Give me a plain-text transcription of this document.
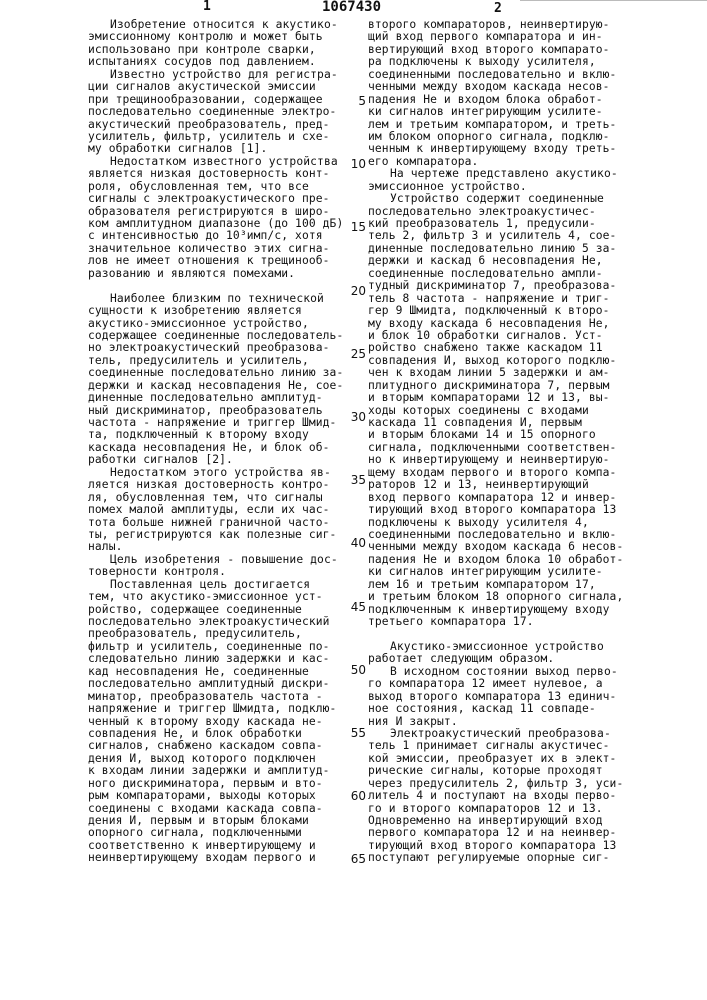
1	1067430	2
Изобретение относится к акустико-
эмиссионному контролю и может быть
использовано при контроле сварки,
испытаниях сосудов под давлением.
Известно устройство для регистра-
ции сигналов акустической эмиссии
при трещинообразовании, содержащее
последовательно соединенные электро-
акустический преобразователь, пред-
усилитель, фильтр, усилитель и схе-
му обработки сигналов [1].
Недостатком известного устройства
является низкая достоверность конт-
роля, обусловленная тем, что все
сигналы с электроакустического пре-
образователя регистрируются в широ-
ком амплитудном диапазоне (до 100 дБ)
с интенсивностью до 10³имп/с, хотя
значительное количество этих сигна-
лов не имеет отношения к трещинооб-
разованию и являются помехами.
Наиболее близким по технической
сущности к изобретению является
акустико-эмиссионное устройство,
содержащее соединенные последователь-
но электроакустический преобразова-
тель, предусилитель и усилитель,
соединенные последовательно линию за-
держки и каскад несовпадения Не, сое-
диненные последовательно амплитуд-
ный дискриминатор, преобразователь
частота - напряжение и триггер Шмид-
та, подключенный к второму входу
каскада несовпадения Не, и блок об-
работки сигналов [2].
Недостатком этого устройства яв-
ляется низкая достоверность контро-
ля, обусловленная тем, что сигналы
помех малой амплитуды, если их час-
тота больше нижней граничной часто-
ты, регистрируются как полезные сиг-
налы.
Цель изобретения - повышение дос-
товерности контроля.
Поставленная цель достигается
тем, что акустико-эмиссионное уст-
ройство, содержащее соединенные
последовательно электроакустический
преобразователь, предусилитель,
фильтр и усилитель, соединенные по-
следовательно линию задержки и кас-
кад несовпадения Не, соединенные
последовательно амплитудный дискри-
минатор, преобразователь частота -
напряжение и триггер Шмидта, подклю-
ченный к второму входу каскада не-
совпадения Не, и блок обработки
сигналов, снабжено каскадом совпа-
дения И, выход которого подключен
к входам линии задержки и амплитуд-
ного дискриминатора, первым и вто-
рым компараторами, выходы которых
соединены с входами каскада совпа-
дения И, первым и вторым блоками
опорного сигнала, подключенными
соответственно к инвертирующему и
неинвертирующему входам первого и
5
10
15
20
25
30
35
40
45
50
55
60
65
второго компараторов, неинвертирую-
щий вход первого компаратора и ин-
вертирующий вход второго компарато-
ра подключены к выходу усилителя,
соединенными последовательно и вклю-
ченными между входом каскада несов-
падения Не и входом блока обработ-
ки сигналов интегрирующим усилите-
лем и третьим компаратором, и треть-
им блоком опорного сигнала, подклю-
ченным к инвертирующему входу треть-
его компаратора.
На чертеже представлено акустико-
эмиссионное устройство.
Устройство содержит соединенные
последовательно электроакустичес-
кий преобразователь 1, предусили-
тель 2, фильтр 3 и усилитель 4, сое-
диненные последовательно линию 5 за-
держки и каскад 6 несовпадения Не,
соединенные последовательно ампли-
тудный дискриминатор 7, преобразова-
тель 8 частота - напряжение и триг-
гер 9 Шмидта, подключенный к второ-
му входу каскада 6 несовпадения Не,
и блок 10 обработки сигналов. Уст-
ройство снабжено также каскадом 11
совпадения И, выход которого подклю-
чен к входам линии 5 задержки и ам-
плитудного дискриминатора 7, первым
и вторым компараторами 12 и 13, вы-
ходы которых соединены с входами
каскада 11 совпадения И, первым
и вторым блоками 14 и 15 опорного
сигнала, подключенными соответствен-
но к инвертирующему и неинвертирую-
щему входам первого и второго компа-
раторов 12 и 13, неинвертирующий
вход первого компаратора 12 и инвер-
тирующий вход второго компаратора 13
подключены к выходу усилителя 4,
соединенными последовательно и вклю-
ченными между входом каскада 6 несов-
падения Не и входом блока 10 обработ-
ки сигналов интегрирующим усилите-
лем 16 и третьим компаратором 17,
и третьим блоком 18 опорного сигнала,
подключенным к инвертирующему входу
третьего компаратора 17.
Акустико-эмиссионное устройство
работает следующим образом.
В исходном состоянии выход перво-
го компаратора 12 имеет нулевое, а
выход второго компаратора 13 единич-
ное состояния, каскад 11 совпаде-
ния И закрыт.
Электроакустический преобразова-
тель 1 принимает сигналы акустичес-
кой эмиссии, преобразует их в элект-
рические сигналы, которые проходят
через предусилитель 2, фильтр 3, уси-
литель 4 и поступают на входы перво-
го и второго компараторов 12 и 13.
Одновременно на инвертирующий вход
первого компаратора 12 и на неинвер-
тирующий вход второго компаратора 13
поступают регулируемые опорные сиг-
